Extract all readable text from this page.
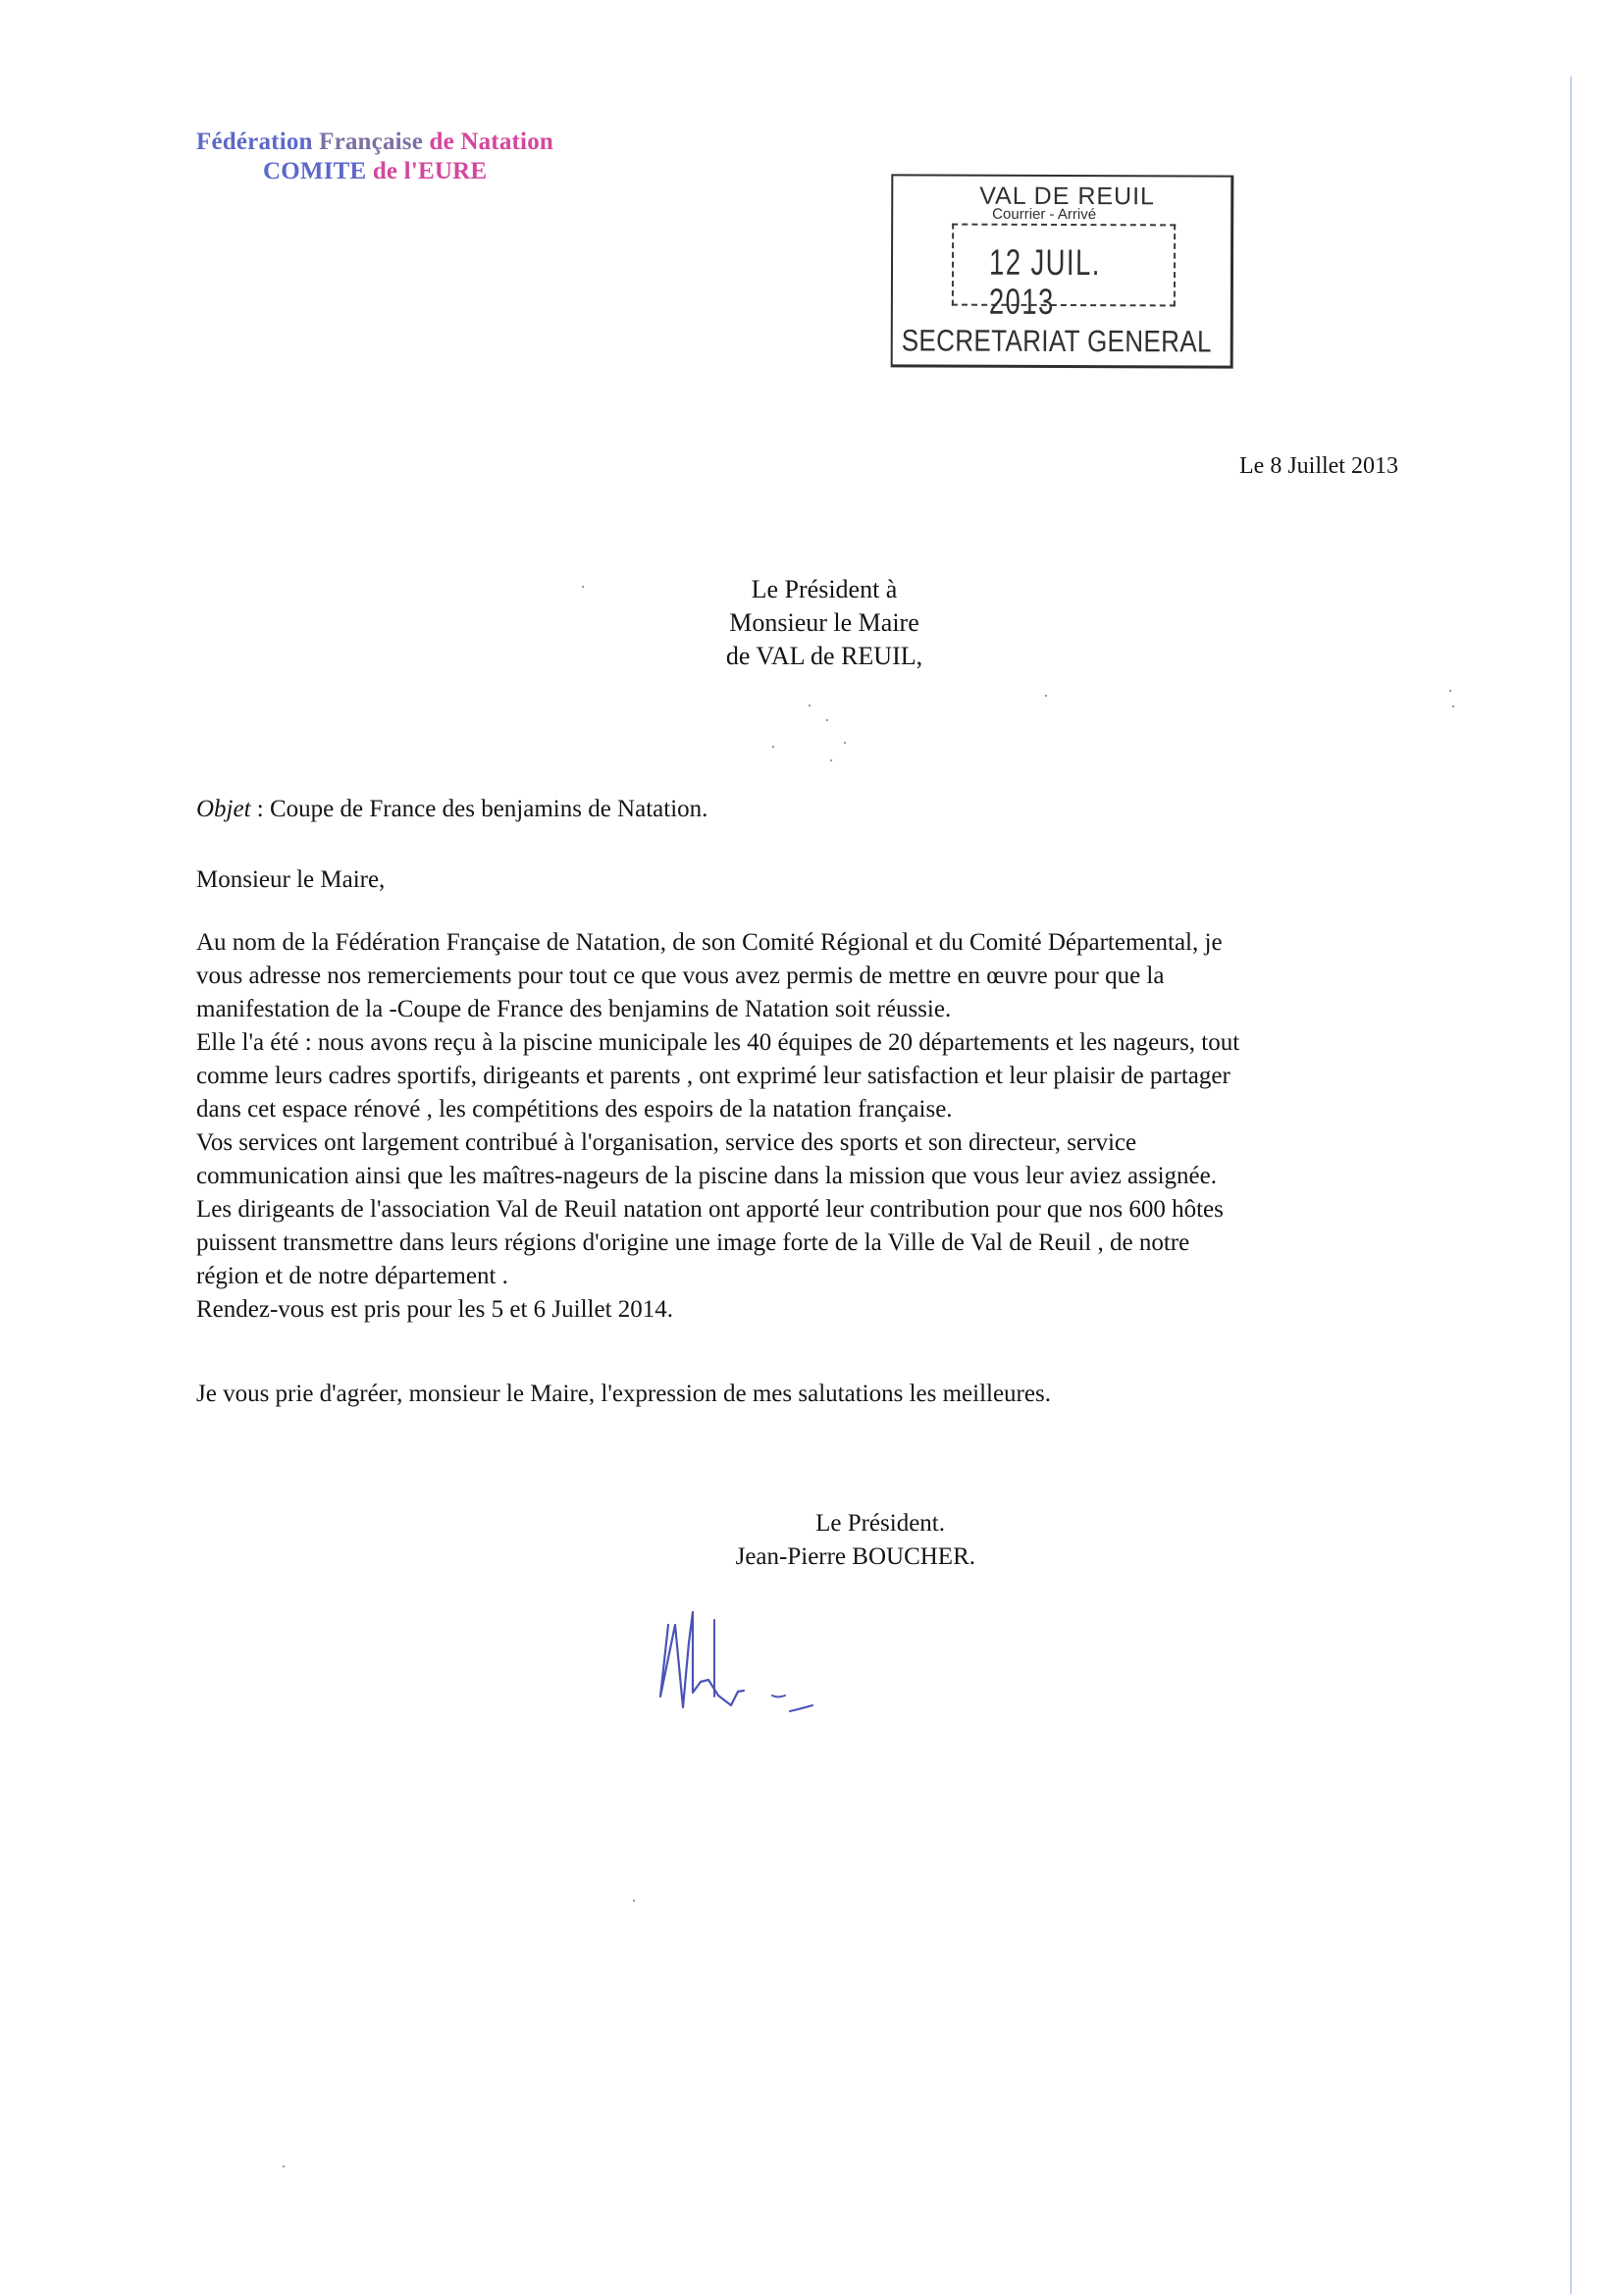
Fédération Française de Natation
COMITE de l'EURE
VAL DE REUIL
Courrier - Arrivé
12 JUIL. 2013
SECRETARIAT GENERAL
Le 8 Juillet 2013
Le Président à
Monsieur le Maire
de VAL de REUIL,
Objet : Coupe de France des benjamins de Natation.
Monsieur le Maire,
Au nom de la Fédération Française de Natation, de son Comité Régional et du Comité Départemental, je
vous adresse nos remerciements pour tout ce que vous avez permis de mettre en œuvre pour que la
manifestation de la -Coupe de France des benjamins de Natation soit réussie.
Elle l'a été : nous avons reçu à la piscine municipale les 40 équipes de 20 départements et les nageurs, tout
comme leurs cadres sportifs, dirigeants et parents , ont exprimé leur satisfaction et leur plaisir de partager
dans cet espace rénové , les compétitions des espoirs de la natation française.
Vos services ont largement contribué à l'organisation, service des sports et son directeur, service
communication ainsi que les maîtres-nageurs de la piscine dans la mission que vous leur aviez assignée.
Les dirigeants de l'association Val de Reuil natation ont apporté leur contribution pour que nos 600 hôtes
puissent transmettre dans leurs régions d'origine une image forte de la Ville de Val de Reuil , de notre
région et de notre département .
Rendez-vous est pris pour les 5 et 6 Juillet 2014.
Je vous prie d'agréer, monsieur le Maire, l'expression de mes salutations les meilleures.
Le Président.
Jean-Pierre BOUCHER.
